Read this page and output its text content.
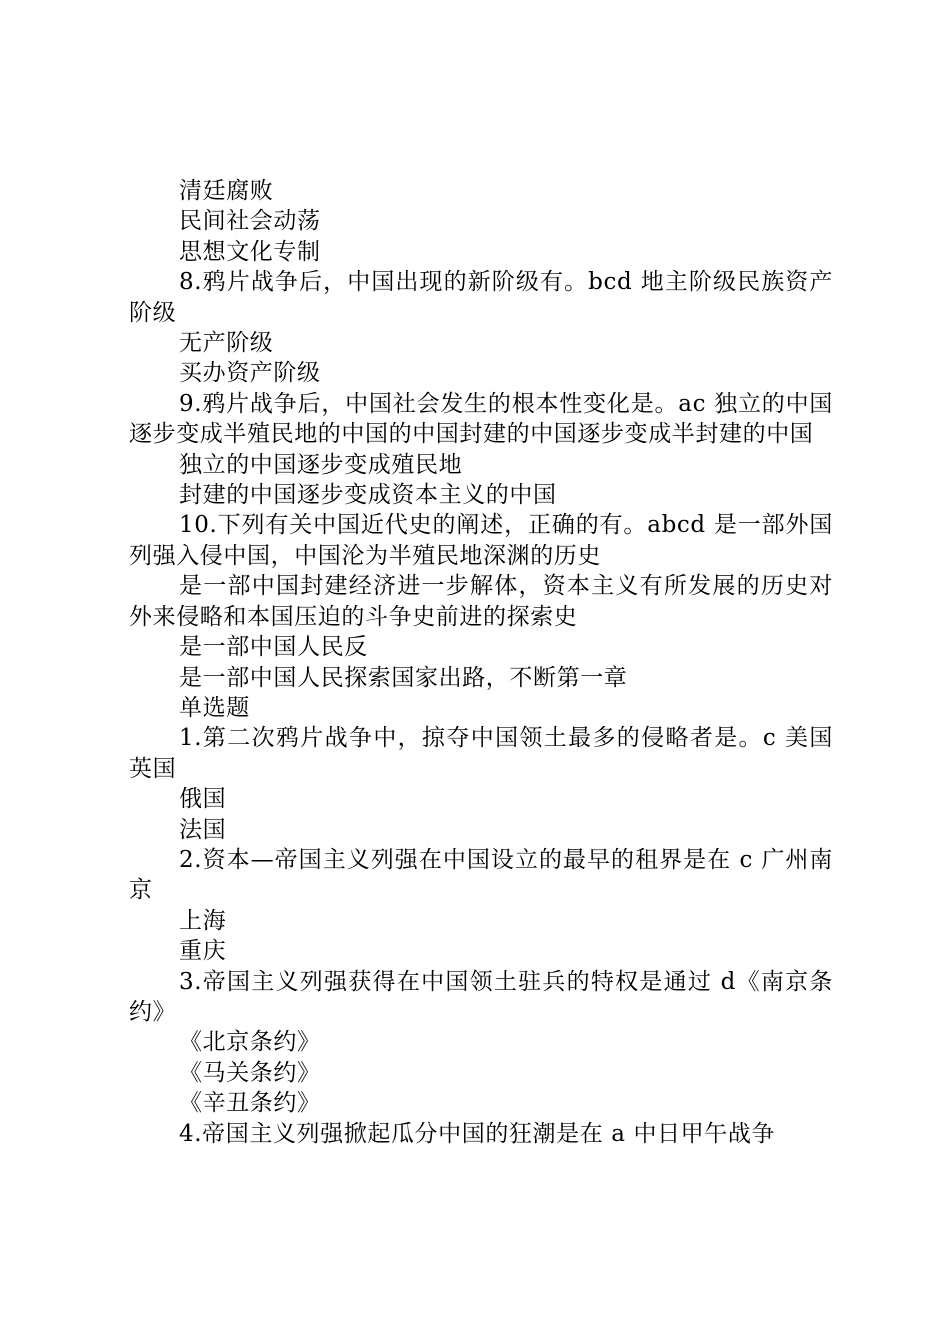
清廷腐败

民间社会动荡

思想文化专制

8.鸦片战争后，中国出现的新阶级有。bcd 地主阶级民族资产阶级

无产阶级

买办资产阶级

9.鸦片战争后，中国社会发生的根本性变化是。ac 独立的中国逐步变成半殖民地的中国的中国封建的中国逐步变成半封建的中国

独立的中国逐步变成殖民地

封建的中国逐步变成资本主义的中国

10.下列有关中国近代史的阐述，正确的有。abcd 是一部外国列强入侵中国，中国沦为半殖民地深渊的历史

是一部中国封建经济进一步解体，资本主义有所发展的历史对外来侵略和本国压迫的斗争史前进的探索史

是一部中国人民反

是一部中国人民探索国家出路，不断第一章

单选题

1.第二次鸦片战争中，掠夺中国领土最多的侵略者是。c 美国英国

俄国

法国

2.资本—帝国主义列强在中国设立的最早的租界是在 c 广州南京

上海

重庆

3.帝国主义列强获得在中国领土驻兵的特权是通过 d《南京条约》

《北京条约》

《马关条约》

《辛丑条约》

4.帝国主义列强掀起瓜分中国的狂潮是在 a 中日甲午战争
